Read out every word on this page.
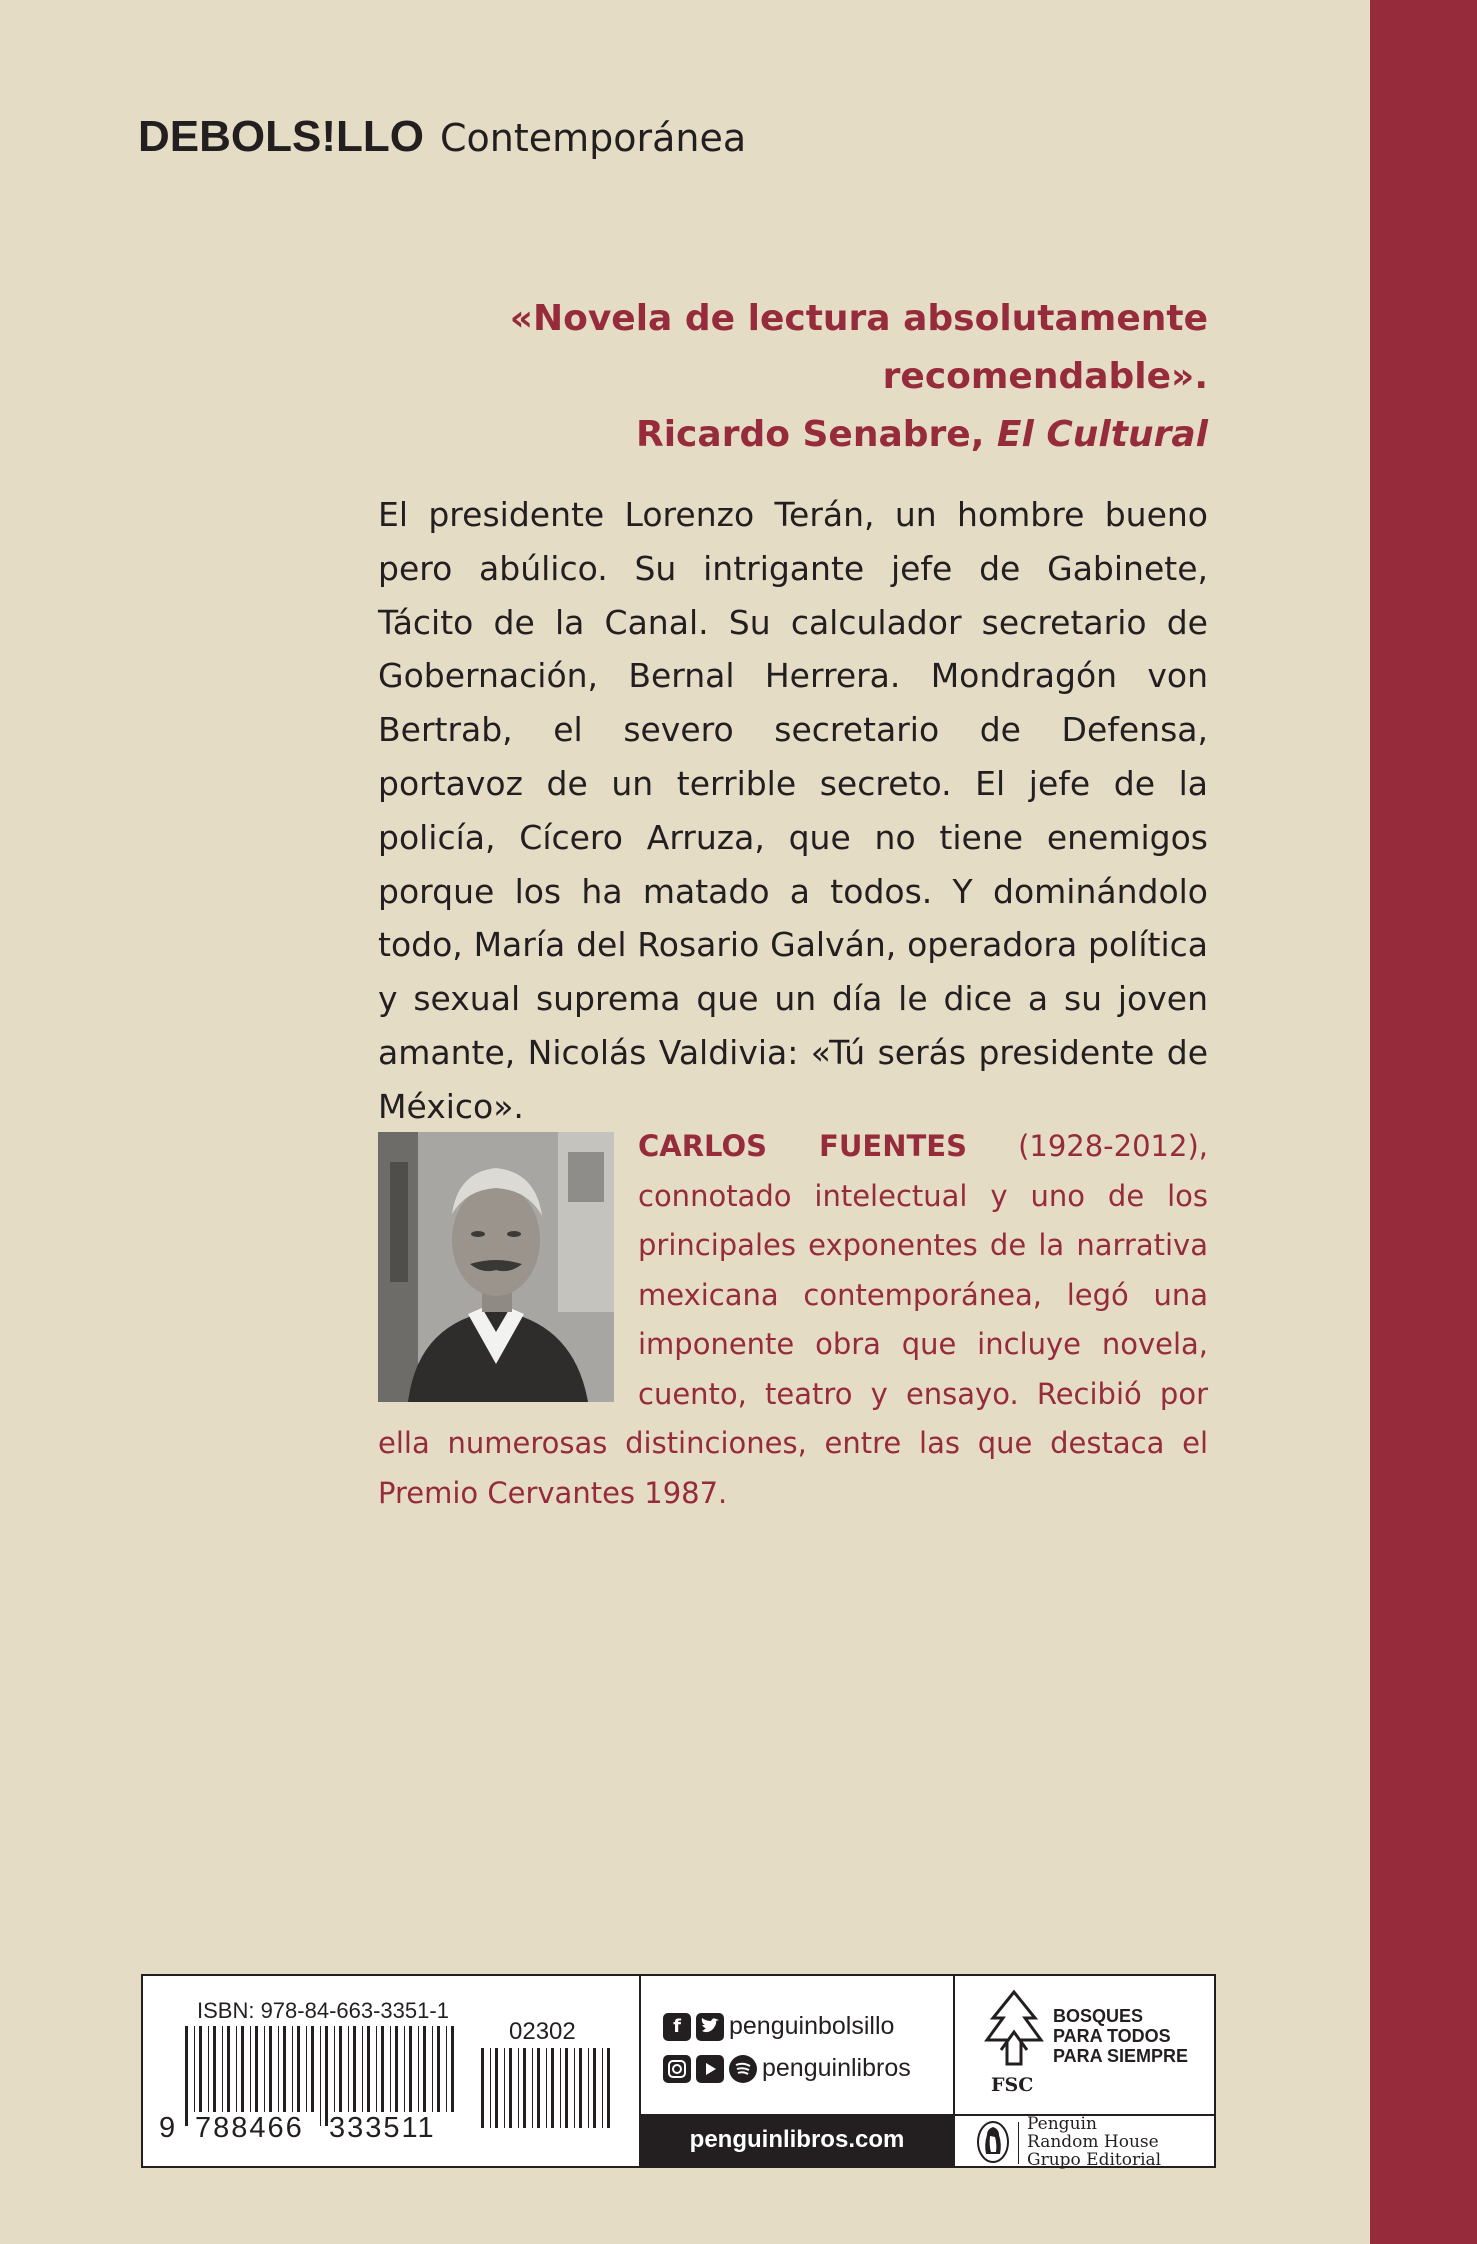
DEBOLS!LLO Contemporánea
«Novela de lectura absolutamente recomendable».
Ricardo Senabre, El Cultural
El presidente Lorenzo Terán, un hombre bueno pero abúlico. Su intrigante jefe de Gabinete, Tácito de la Canal. Su calculador secretario de Gobernación, Bernal Herrera. Mondragón von Bertrab, el severo secretario de Defensa, portavoz de un terrible secreto. El jefe de la policía, Cícero Arruza, que no tiene enemigos porque los ha matado a todos. Y dominándolo todo, María del Rosario Galván, operadora política y sexual suprema que un día le dice a su joven amante, Nicolás Valdivia: «Tú serás presidente de México».
CARLOS FUENTES (1928-2012), connotado intelectual y uno de los principales exponentes de la narrativa mexicana contemporánea, legó una imponente obra que incluye novela, cuento, teatro y ensayo. Recibió por ella numerosas distinciones, entre las que destaca el Premio Cervantes 1987.
ISBN: 978-84-663-3351-1
02302
9 788466 333511
f	penguinbolsillo
penguinlibros
penguinlibros.com
FSC
BOSQUES
PARA TODOS
PARA SIEMPRE
Penguin
Random House
Grupo Editorial
